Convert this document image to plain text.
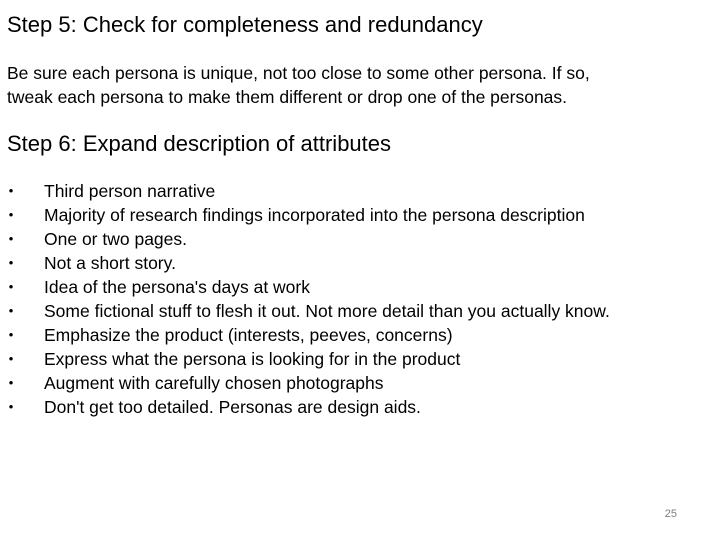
Step 5: Check for completeness and redundancy

Be sure each persona is unique, not too close to some other persona. If so,
tweak each persona to make them different or drop one of the personas.

Step 6: Expand description of attributes
• Third person narrative
• Majority of research findings incorporated into the persona description
• One or two pages.
• Not a short story.
• Idea of the persona's days at work
• Some fictional stuff to flesh it out. Not more detail than you actually know.
• Emphasize the product (interests, peeves, concerns)
• Express what the persona is looking for in the product
• Augment with carefully chosen photographs
• Don't get too detailed. Personas are design aids.
25
